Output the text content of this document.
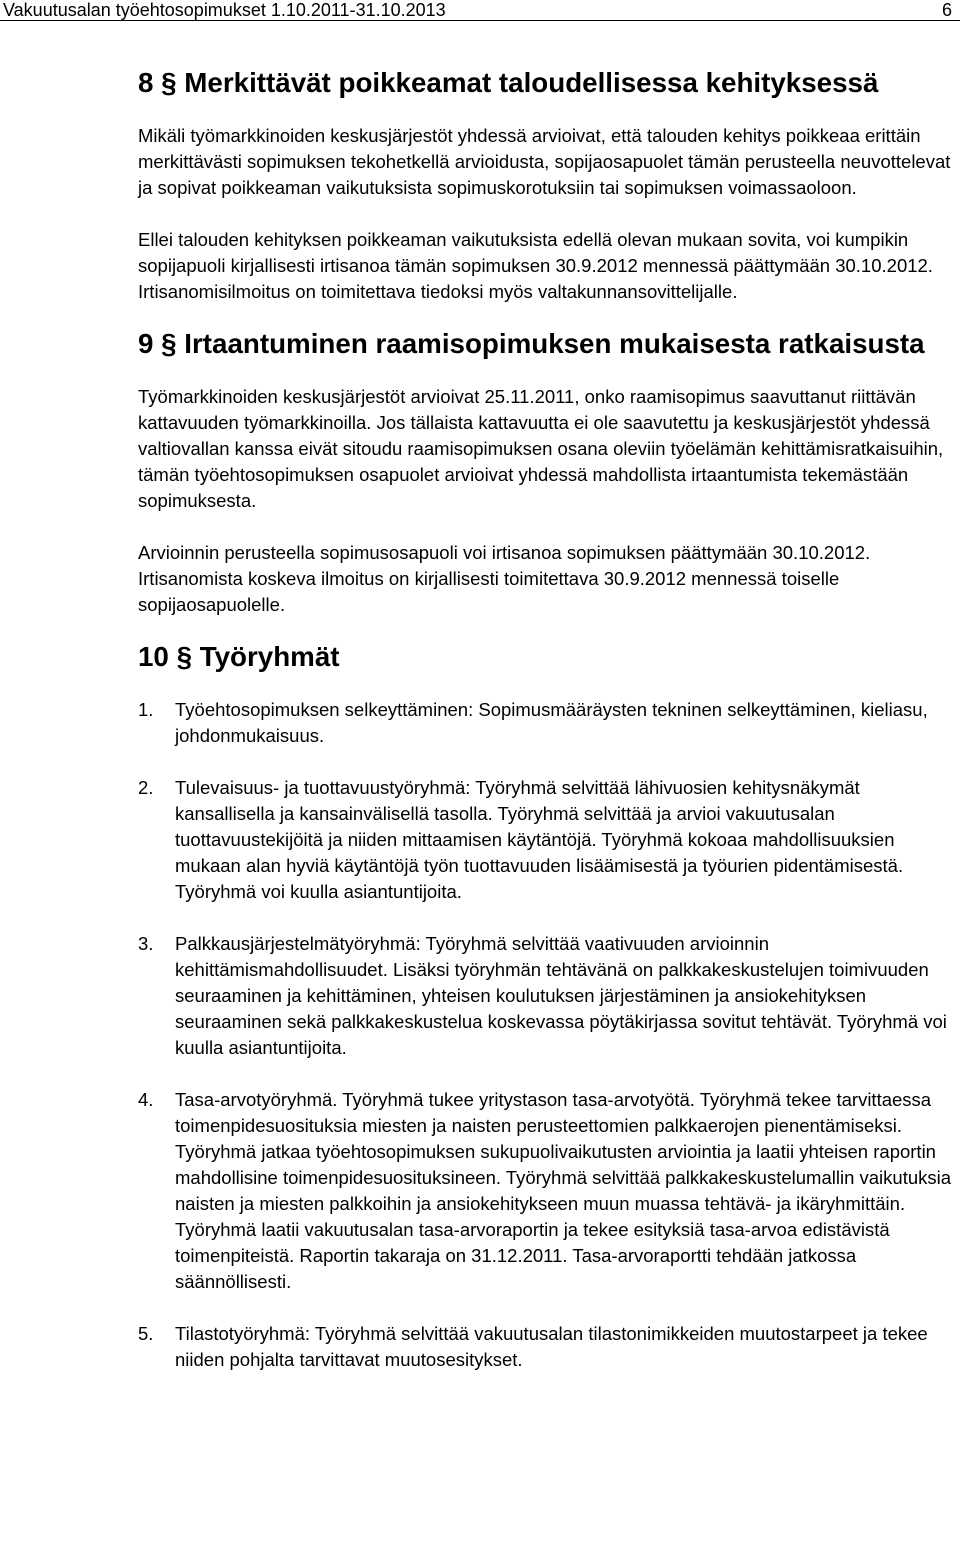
Vakuutusalan työehtosopimukset 1.10.2011-31.10.2013	6
8 § Merkittävät poikkeamat taloudellisessa kehityksessä

Mikäli työmarkkinoiden keskusjärjestöt yhdessä arvioivat, että talouden kehitys poikkeaa erittäin merkittävästi sopimuksen tekohetkellä arvioidusta, sopijaosapuolet tämän perusteella neuvottelevat ja sopivat poikkeaman vaikutuksista sopimuskorotuksiin tai sopimuksen voimassaoloon.

Ellei talouden kehityksen poikkeaman vaikutuksista edellä olevan mukaan sovita, voi kumpikin sopijapuoli kirjallisesti irtisanoa tämän sopimuksen 30.9.2012 mennessä päättymään 30.10.2012. Irtisanomisilmoitus on toimitettava tiedoksi myös valtakunnansovittelijalle.

9 § Irtaantuminen raamisopimuksen mukaisesta ratkaisusta

Työmarkkinoiden keskusjärjestöt arvioivat 25.11.2011, onko raamisopimus saavuttanut riittävän kattavuuden työmarkkinoilla. Jos tällaista kattavuutta ei ole saavutettu ja keskusjärjestöt yhdessä valtiovallan kanssa eivät sitoudu raamisopimuksen osana oleviin työelämän kehittämisratkaisuihin, tämän työehtosopimuksen osapuolet arvioivat yhdessä mahdollista irtaantumista tekemästään sopimuksesta.

Arvioinnin perusteella sopimusosapuoli voi irtisanoa sopimuksen päättymään 30.10.2012. Irtisanomista koskeva ilmoitus on kirjallisesti toimitettava 30.9.2012 mennessä toiselle sopijaosapuolelle.

10 § Työryhmät
1. Työehtosopimuksen selkeyttäminen: Sopimusmääräysten tekninen selkeyttäminen, kieliasu, johdonmukaisuus.
2. Tulevaisuus- ja tuottavuustyöryhmä: Työryhmä selvittää lähivuosien kehitysnäkymät kansallisella ja kansainvälisellä tasolla. Työryhmä selvittää ja arvioi vakuutusalan tuottavuustekijöitä ja niiden mittaamisen käytäntöjä. Työryhmä kokoaa mahdollisuuksien mukaan alan hyviä käytäntöjä työn tuottavuuden lisäämisestä ja työurien pidentämisestä. Työryhmä voi kuulla asiantuntijoita.
3. Palkkausjärjestelmätyöryhmä: Työryhmä selvittää vaativuuden arvioinnin kehittämismahdollisuudet. Lisäksi työryhmän tehtävänä on palkkakeskustelujen toimivuuden seuraaminen ja kehittäminen, yhteisen koulutuksen järjestäminen ja ansiokehityksen seuraaminen sekä palkkakeskustelua koskevassa pöytäkirjassa sovitut tehtävät. Työryhmä voi kuulla asiantuntijoita.
4. Tasa-arvotyöryhmä. Työryhmä tukee yritystason tasa-arvotyötä. Työryhmä tekee tarvittaessa toimenpidesuosituksia miesten ja naisten perusteettomien palkkaerojen pienentämiseksi. Työryhmä jatkaa työehtosopimuksen sukupuolivaikutusten arviointia ja laatii yhteisen raportin mahdollisine toimenpidesuosituksineen. Työryhmä selvittää palkkakeskustelumallin vaikutuksia naisten ja miesten palkkoihin ja ansiokehitykseen muun muassa tehtävä- ja ikäryhmittäin. Työryhmä laatii vakuutusalan tasa-arvoraportin ja tekee esityksiä tasa-arvoa edistävistä toimenpiteistä. Raportin takaraja on 31.12.2011. Tasa-arvoraportti tehdään jatkossa säännöllisesti.
5. Tilastotyöryhmä: Työryhmä selvittää vakuutusalan tilastonimikkeiden muutostarpeet ja tekee niiden pohjalta tarvittavat muutosesitykset.
